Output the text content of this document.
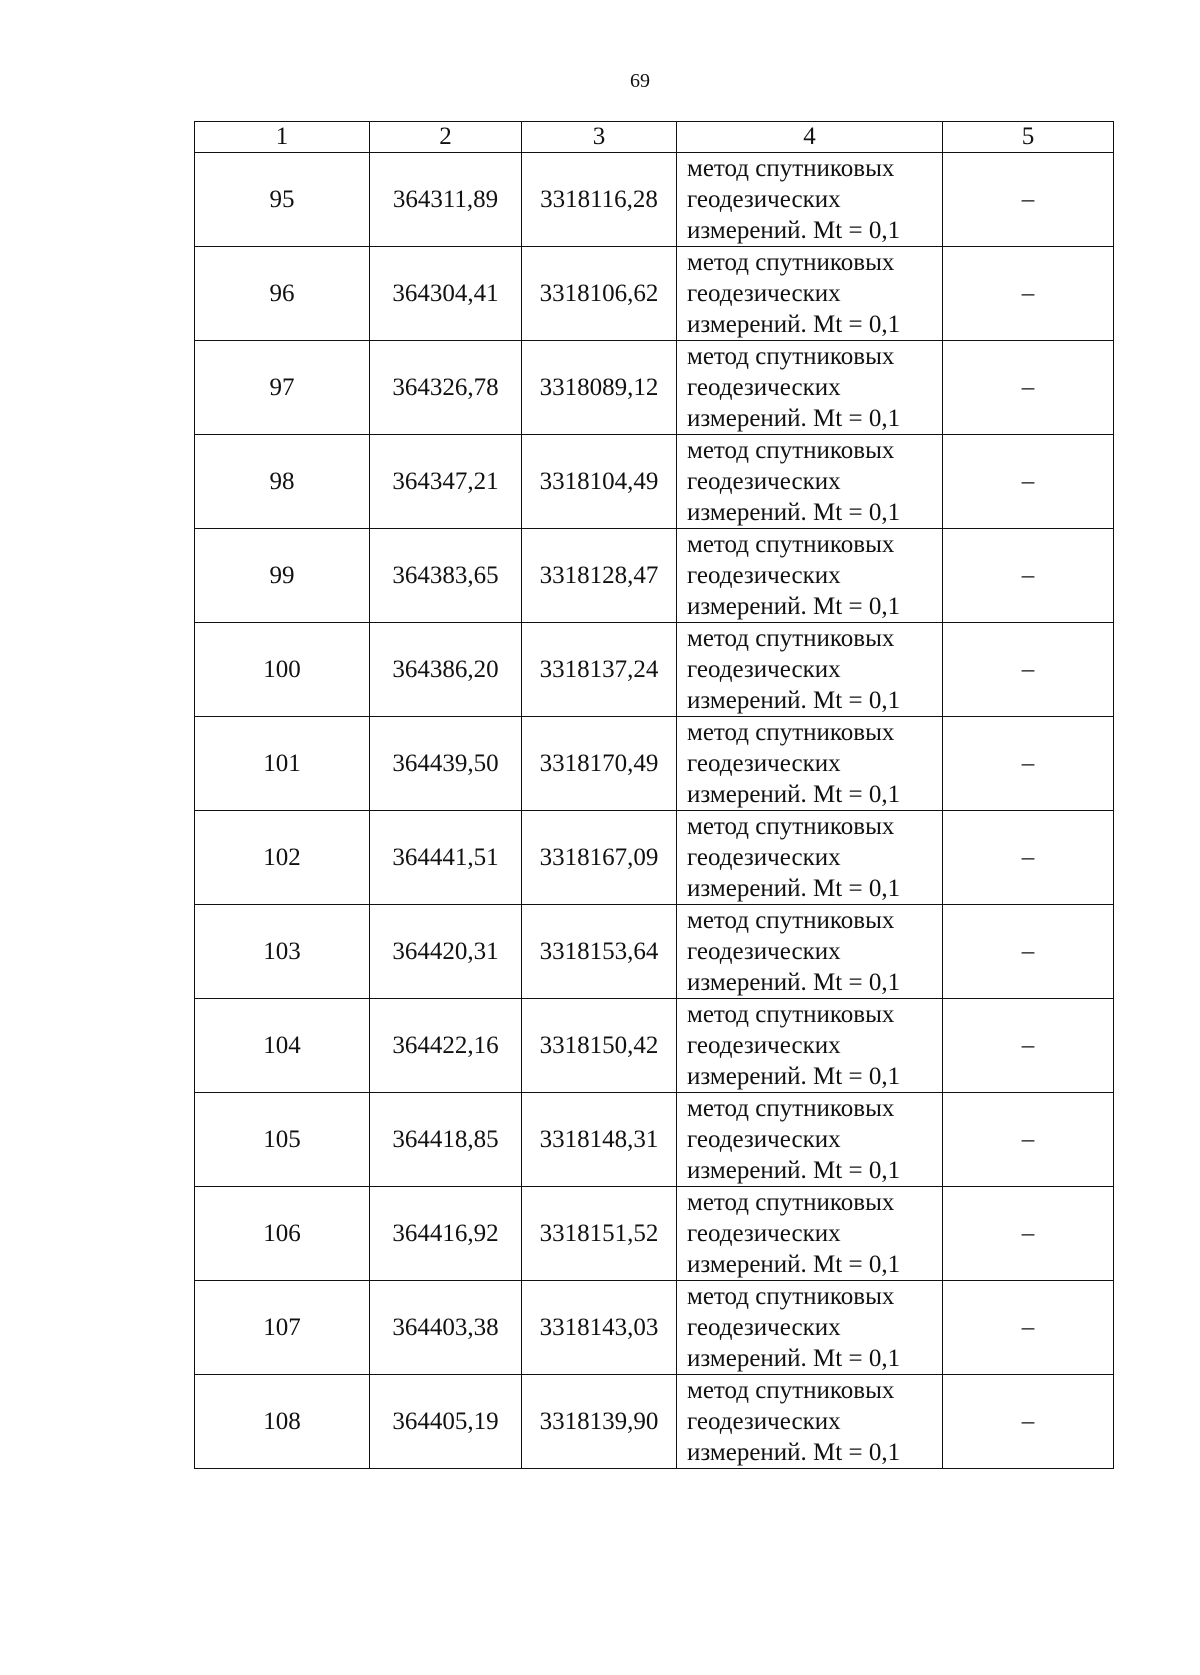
69
1	2	3	4	5
95	364311,89	3318116,28	метод спутниковых
геодезических
измерений. Mt = 0,1	–
96	364304,41	3318106,62	метод спутниковых
геодезических
измерений. Mt = 0,1	–
97	364326,78	3318089,12	метод спутниковых
геодезических
измерений. Mt = 0,1	–
98	364347,21	3318104,49	метод спутниковых
геодезических
измерений. Mt = 0,1	–
99	364383,65	3318128,47	метод спутниковых
геодезических
измерений. Mt = 0,1	–
100	364386,20	3318137,24	метод спутниковых
геодезических
измерений. Mt = 0,1	–
101	364439,50	3318170,49	метод спутниковых
геодезических
измерений. Mt = 0,1	–
102	364441,51	3318167,09	метод спутниковых
геодезических
измерений. Mt = 0,1	–
103	364420,31	3318153,64	метод спутниковых
геодезических
измерений. Mt = 0,1	–
104	364422,16	3318150,42	метод спутниковых
геодезических
измерений. Mt = 0,1	–
105	364418,85	3318148,31	метод спутниковых
геодезических
измерений. Mt = 0,1	–
106	364416,92	3318151,52	метод спутниковых
геодезических
измерений. Mt = 0,1	–
107	364403,38	3318143,03	метод спутниковых
геодезических
измерений. Mt = 0,1	–
108	364405,19	3318139,90	метод спутниковых
геодезических
измерений. Mt = 0,1	–
